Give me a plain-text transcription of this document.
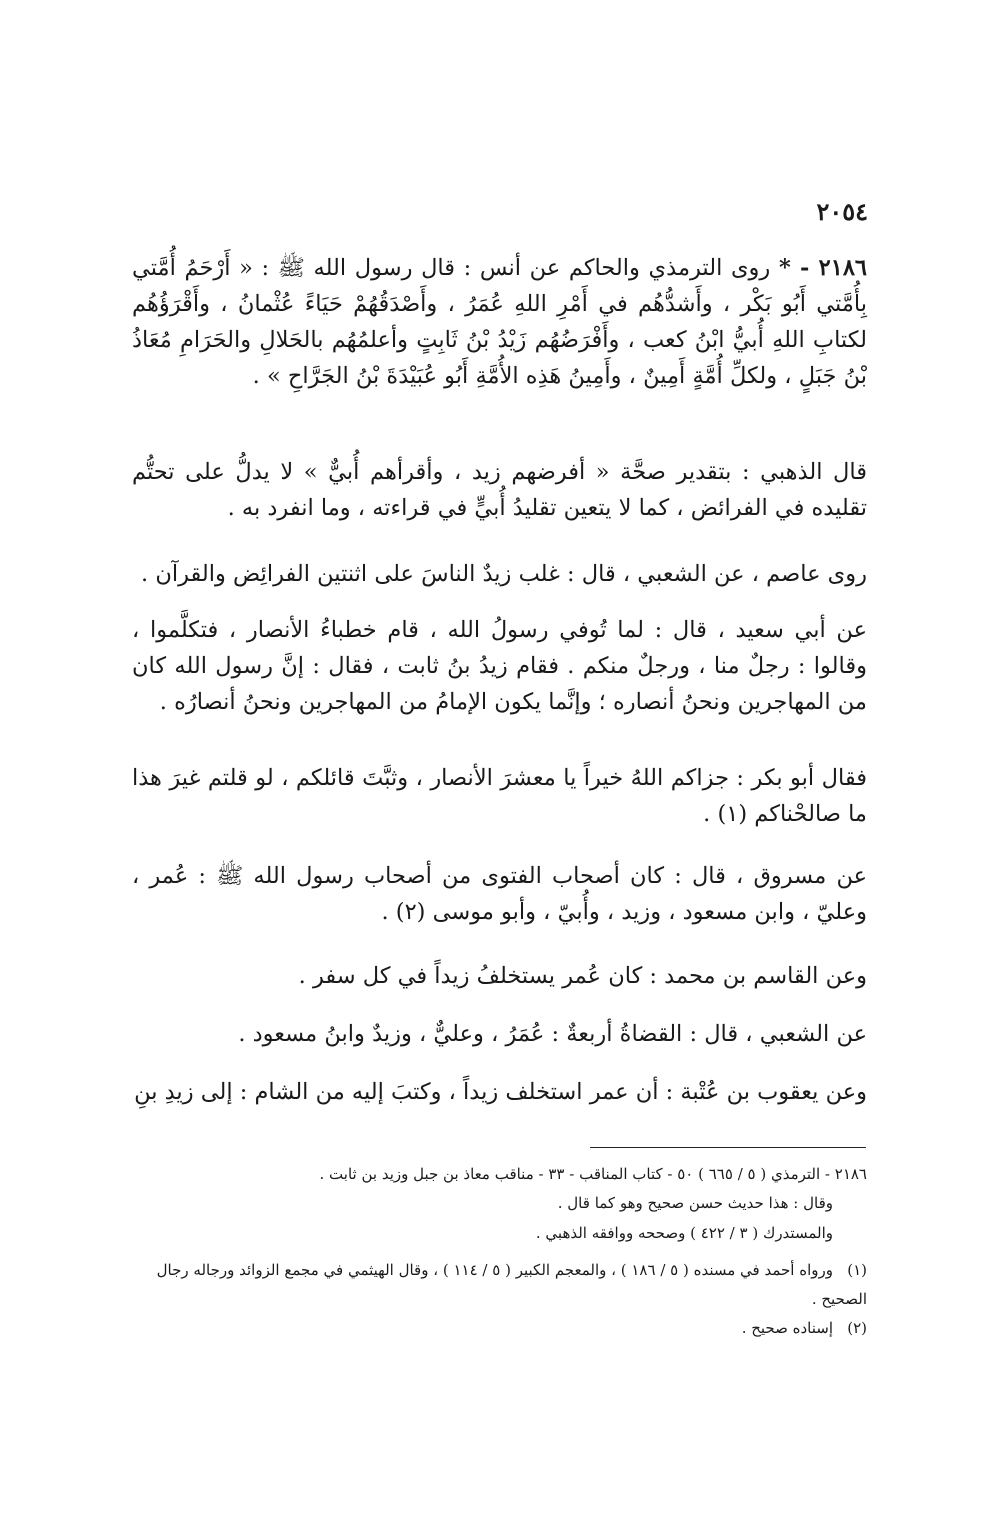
٢٠٥٤

٢١٨٦ - * روى الترمذي والحاكم عن أنس : قال رسول الله ﷺ : « أَرْحَمُ أُمَّتي بِأُمَّتي أَبُو بَكْر ، وأَشدُّهُم في أَمْرِ اللهِ عُمَرُ ، وأَصْدَقُهُمْ حَيَاءً عُثْمانُ ، وأَقْرَؤُهُم لكتابِ اللهِ أُبيُّ ابْنُ كعب ، وأَفْرَضُهُم زَيْدُ بْنُ ثَابِتٍ وأعلمُهُم بالحَلالِ والحَرَامِ مُعَاذُ بْنُ جَبَلٍ ، ولكلِّ أُمَّةٍ أَمِينٌ ، وأَمِينُ هَذِه الأُمَّةِ أَبُو عُبَيْدَةَ بْنُ الجَرَّاحِ » .

قال الذهبي : بتقدير صحَّة « أفرضهم زيد ، وأقرأهم أُبيٌّ » لا يدلُّ على تحتُّم تقليده في الفرائض ، كما لا يتعين تقليدُ أُبيٍّ في قراءته ، وما انفرد به .
روى عاصم ، عن الشعبي ، قال : غلب زيدٌ الناسَ على اثنتين الفرائِض والقرآن .
عن أبي سعيد ، قال : لما تُوفي رسولُ الله ، قام خطباءُ الأنصار ، فتكلَّموا ، وقالوا : رجلٌ منا ، ورجلٌ منكم . فقام زيدُ بنُ ثابت ، فقال : إنَّ رسول الله كان من المهاجرين ونحنُ أنصاره ؛ وإنَّما يكون الإمامُ من المهاجرين ونحنُ أنصارُه .
فقال أبو بكر : جزاكم اللهُ خيراً يا معشرَ الأنصار ، وثبَّتَ قائلكم ، لو قلتم غيرَ هذا ما صالحْناكم (١) .
عن مسروق ، قال : كان أصحاب الفتوى من أصحاب رسول الله ﷺ : عُمر ، وعليّ ، وابن مسعود ، وزيد ، وأُبيّ ، وأبو موسى (٢) .
وعن القاسم بن محمد : كان عُمر يستخلفُ زيداً في كل سفر .
عن الشعبي ، قال : القضاةُ أربعةٌ : عُمَرُ ، وعليٌّ ، وزيدٌ وابنُ مسعود .
وعن يعقوب بن عُتْبة : أن عمر استخلف زيداً ، وكتبَ إليه من الشام : إلى زيدِ بنِ

٢١٨٦ - الترمذي ( ٥ / ٦٦٥ ) ٥٠ - كتاب المناقب - ٣٣ - مناقب معاذ بن جبل وزيد بن ثابت .

وقال : هذا حديث حسن صحيح وهو كما قال .

والمستدرك ( ٣ / ٤٢٢ ) وصححه ووافقه الذهبي .

(١)ورواه أحمد في مسنده ( ٥ / ١٨٦ ) ، والمعجم الكبير ( ٥ / ١١٤ ) ، وقال الهيثمي في مجمع الزوائد ورجاله رجال الصحيح .

(٢)إسناده صحيح .
